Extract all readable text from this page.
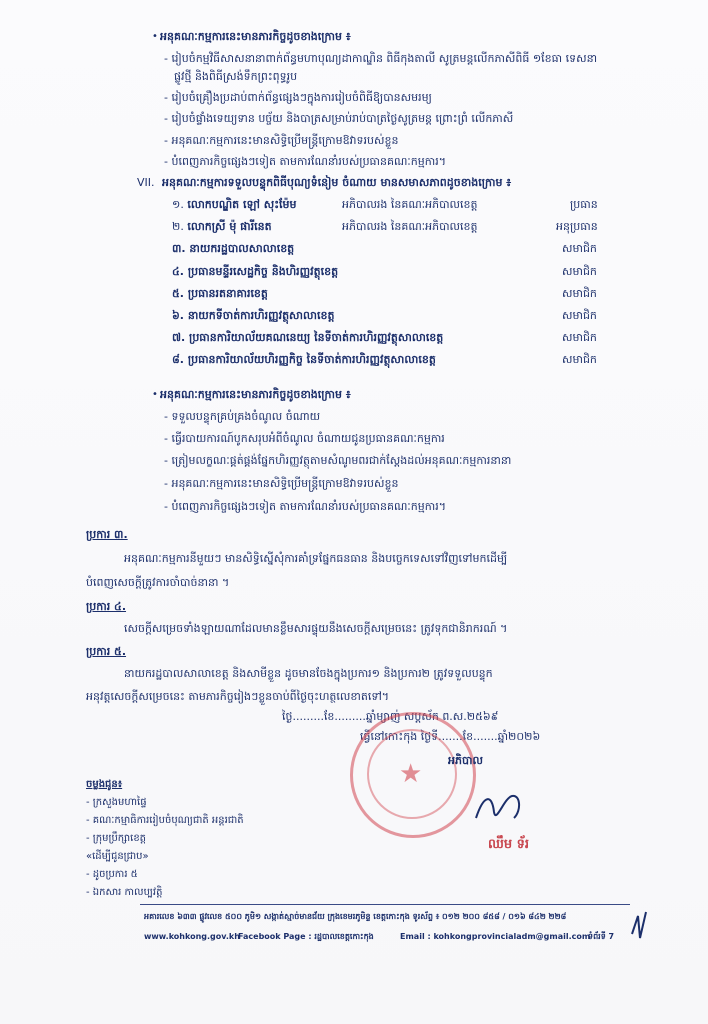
• អនុគណៈកម្មការនេះមានភារកិច្ចដូចខាងក្រោម ៖
- រៀបចំកម្មវិធីសាសនានាពាក់ព័ន្ធមហាបុណ្យដាកាណ្ឌិន ពិធីកុងតាលី សូត្រមន្តលើកភាសីពិធី ១ខែធា ទេសនា
ផ្លូវថ្មី និងពិធីស្រង់ទឹកព្រះពុទ្ធរូប
- រៀបចំគ្រឿងប្រដាប់ពាក់ព័ន្ធផ្សេងៗក្នុងការរៀបចំពិធីឱ្យបានសមរម្យ
- រៀបចំផ្ទាំងទេយ្យទាន បច្ច័យ និងបាត្រសម្រាប់រាប់បាត្រថ្ងៃសូត្រមន្ត ព្រោះព្រំ លើកភាសី
- អនុគណៈកម្មការនេះមានសិទ្ធិប្រើមន្ត្រីក្រោមឱវាទរបស់ខ្លួន
- បំពេញភារកិច្ចផ្សេងៗទៀត តាមការណែនាំរបស់ប្រធានគណៈកម្មការ។
VII. អនុគណៈកម្មការទទួលបន្ទុកពិធីបុណ្យទំនៀម ចំណាយ មានសមាសភាពដូចខាងក្រោម ៖
១. លោកបណ្ឌិត ឡៅ សុះម៉ែម	អភិបាលរង នៃគណៈអភិបាលខេត្ត	ប្រធាន
២. លោកស្រី ម៉ុ ផារីនេត	អភិបាលរង នៃគណៈអភិបាលខេត្ត	អនុប្រធាន
៣. នាយករដ្ឋបាលសាលាខេត្ត	សមាជិក
៤. ប្រធានមន្ទីរសេដ្ឋកិច្ច និងហិរញ្ញវត្ថុខេត្ត	សមាជិក
៥. ប្រធានរតនាគារខេត្ត	សមាជិក
៦. នាយកទីចាត់ការហិរញ្ញវត្ថុសាលាខេត្ត	សមាជិក
៧. ប្រធានការិយាល័យគណនេយ្យ នៃទីចាត់ការហិរញ្ញវត្ថុសាលាខេត្ត	សមាជិក
៨. ប្រធានការិយាល័យហិរញ្ញកិច្ច នៃទីចាត់ការហិរញ្ញវត្ថុសាលាខេត្ត	សមាជិក
• អនុគណៈកម្មការនេះមានភារកិច្ចដូចខាងក្រោម ៖
- ទទួលបន្ទុកគ្រប់គ្រងចំណូល ចំណាយ
- ធ្វើរបាយការណ៍បូកសរុបអំពីចំណូល ចំណាយជូនប្រធានគណៈកម្មការ
- ត្រៀមលក្ខណៈផ្គត់ផ្គង់ផ្នែកហិរញ្ញវត្ថុតាមសំណូមពរជាក់ស្តែងដល់អនុគណៈកម្មការនានា
- អនុគណៈកម្មការនេះមានសិទ្ធិប្រើមន្ត្រីក្រោមឱវាទរបស់ខ្លួន
- បំពេញភារកិច្ចផ្សេងៗទៀត តាមការណែនាំរបស់ប្រធានគណៈកម្មការ។
ប្រការ ៣.
អនុគណៈកម្មការនីមួយៗ មានសិទ្ធិស្នើសុំការគាំទ្រផ្នែកធនធាន និងបច្ចេកទេសទៅវិញទៅមកដើម្បី
បំពេញសេចក្តីត្រូវការចាំបាច់នានា ។
ប្រការ ៤.
សេចក្តីសម្រេចទាំងឡាយណាដែលមានខ្លឹមសារផ្ទុយនឹងសេចក្តីសម្រេចនេះ ត្រូវទុកជានិរាករណ៍ ។
ប្រការ ៥.
នាយករដ្ឋបាលសាលាខេត្ត និងសាមីខ្លួន ដូចមានចែងក្នុងប្រការ១ និងប្រការ២ ត្រូវទទួលបន្ទុក
អនុវត្តសេចក្តីសម្រេចនេះ តាមភារកិច្ចរៀងៗខ្លួនចាប់ពីថ្ងៃចុះហត្ថលេខាតទៅ។
ថ្ងៃ.........ខែ.........ឆ្នាំម្សាញ់ សប្តស័ក ព.ស.២៥៦៩
ធ្វើនៅកោះកុង ថ្ងៃទី.......ខែ.......ឆ្នាំ២០២៦
★ អភិបាល
ឈឹម ទ័រ
ចម្លងជូន៖
- ក្រសួងមហាផ្ទៃ
- គណៈកម្មាធិការរៀបចំបុណ្យជាតិ អន្តរជាតិ
- ក្រុមប្រឹក្សាខេត្ត
«ដើម្បីជូនជ្រាប»
- ដូចប្រការ ៥
- ឯកសារ កាលប្បវត្តិ
អគារលេខ ៦៣៣ ផ្លូវលេខ ៥០០ ភូមិ១ សង្កាត់ស្មាច់មានជ័យ ក្រុងខេមរភូមិន្ទ ខេត្តកោះកុង ទូរស័ព្ទ ៖ ០១២ ២០០ ៨៥៨ / ០១៦ ៨៤២ ២២៨
www.kohkong.gov.kh
Facebook Page : រដ្ឋបាលខេត្តកោះកុង	Email : kohkongprovincialadm@gmail.com
ទំព័រទី 7
